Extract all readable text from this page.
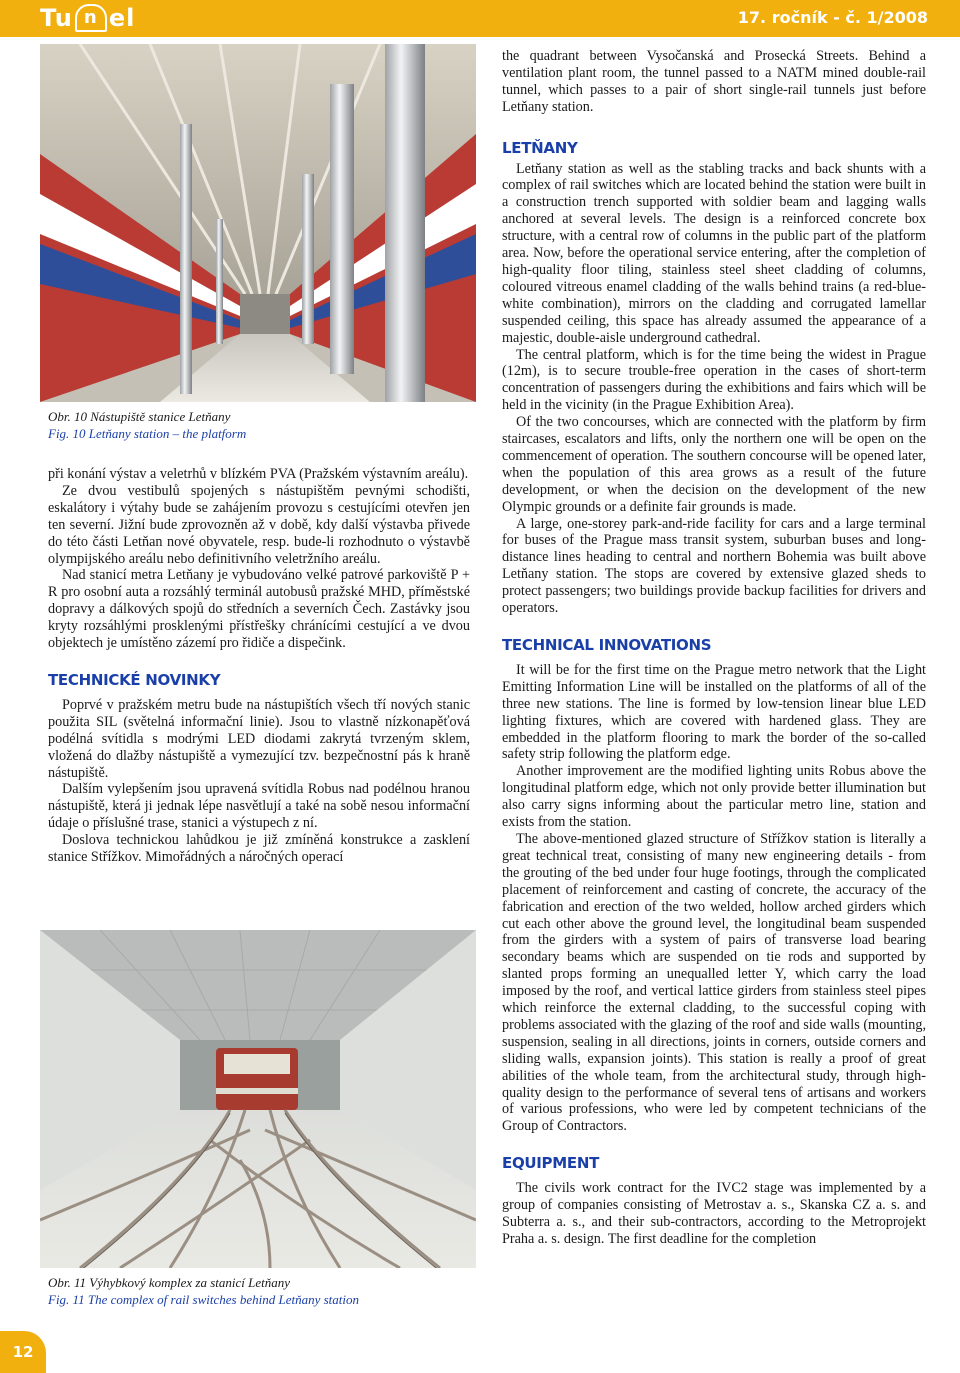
Tu n el	17. ročník - č. 1/2008
Obr. 10 Nástupiště stanice Letňany
Fig. 10 Letňany station – the platform

při konání výstav a veletrhů v blízkém PVA (Pražském výstavním areálu).

Ze dvou vestibulů spojených s nástupištěm pevnými schodišti, eskalátory i výtahy bude se zahájením provozu s cestujícími otevřen jen ten severní. Jižní bude zprovozněn až v době, kdy další výstavba přivede do této části Letňan nové obyvatele, resp. bude-li rozhodnuto o výstavbě olympijského areálu nebo definitivního veletržního areálu.

Nad stanicí metra Letňany je vybudováno velké patrové parkoviště P + R pro osobní auta a rozsáhlý terminál autobusů pražské MHD, příměstské dopravy a dálkových spojů do středních a severních Čech. Zastávky jsou kryty rozsáhlými prosklenými přístřešky chránícími cestující a ve dvou objektech je umístěno zázemí pro řidiče a dispečink.

TECHNICKÉ NOVINKY

Poprvé v pražském metru bude na nástupištích všech tří nových stanic použita SIL (světelná informační linie). Jsou to vlastně nízkonapěťová podélná svítidla s modrými LED diodami zakrytá tvrzeným sklem, vložená do dlažby nástupiště a vymezující tzv. bezpečnostní pás k hraně nástupiště.

Dalším vylepšením jsou upravená svítidla Robus nad podélnou hranou nástupiště, která ji jednak lépe nasvětlují a také na sobě nesou informační údaje o příslušné trase, stanici a výstupech z ní.

Doslova technickou lahůdkou je již zmíněná konstrukce a zasklení stanice Střížkov. Mimořádných a náročných operací

Obr. 11 Výhybkový komplex za stanicí Letňany
Fig. 11 The complex of rail switches behind Letňany station

the quadrant between Vysočanská and Prosecká Streets. Behind a ventilation plant room, the tunnel passed to a NATM mined double-rail tunnel, which passes to a pair of short single-rail tunnels just before Letňany station.

LETŇANY

Letňany station as well as the stabling tracks and back shunts with a complex of rail switches which are located behind the station were built in a construction trench supported with soldier beam and lagging walls anchored at several levels. The design is a reinforced concrete box structure, with a central row of columns in the public part of the platform area. Now, before the operational service entering, after the completion of high-quality floor tiling, stainless steel sheet cladding of columns, coloured vitreous enamel cladding of the walls behind trains (a red-blue-white combination), mirrors on the cladding and corrugated lamellar suspended ceiling, this space has already assumed the appearance of a majestic, double-aisle underground cathedral.

The central platform, which is for the time being the widest in Prague (12m), is to secure trouble-free operation in the cases of short-term concentration of passengers during the exhibitions and fairs which will be held in the vicinity (in the Prague Exhibition Area).

Of the two concourses, which are connected with the platform by firm staircases, escalators and lifts, only the northern one will be open on the commencement of operation. The southern concourse will be opened later, when the population of this area grows as a result of the future development, or when the decision on the development of the new Olympic grounds or a definite fair grounds is made.

A large, one-storey park-and-ride facility for cars and a large terminal for buses of the Prague mass transit system, suburban buses and long-distance lines heading to central and northern Bohemia was built above Letňany station. The stops are covered by extensive glazed sheds to protect passengers; two buildings provide backup facilities for drivers and operators.

TECHNICAL INNOVATIONS

It will be for the first time on the Prague metro network that the Light Emitting Information Line will be installed on the platforms of all of the three new stations. The line is formed by low-tension linear blue LED lighting fixtures, which are covered with hardened glass. They are embedded in the platform flooring to mark the border of the so-called safety strip following the platform edge.

Another improvement are the modified lighting units Robus above the longitudinal platform edge, which not only provide better illumination but also carry signs informing about the particular metro line, station and exists from the station.

The above-mentioned glazed structure of Střížkov station is literally a great technical treat, consisting of many new engineering details - from the grouting of the bed under four huge footings, through the complicated placement of reinforcement and casting of concrete, the accuracy of the fabrication and erection of the two welded, hollow arched girders which cut each other above the ground level, the longitudinal beam suspended from the girders with a system of pairs of transverse load bearing secondary beams which are suspended on tie rods and supported by slanted props forming an unequalled letter Y, which carry the load imposed by the roof, and vertical lattice girders from stainless steel pipes which reinforce the external cladding, to the successful coping with problems associated with the glazing of the roof and side walls (mounting, suspension, sealing in all directions, joints in corners, outside corners and sliding walls, expansion joints). This station is really a proof of great abilities of the whole team, from the architectural study, through high-quality design to the performance of several tens of artisans and workers of various professions, who were led by competent technicians of the Group of Contractors.

EQUIPMENT

The civils work contract for the IVC2 stage was implemented by a group of companies consisting of Metrostav a. s., Skanska CZ a. s. and Subterra a. s., and their sub-contractors, according to the Metroprojekt Praha a. s. design. The first deadline for the completion

12
